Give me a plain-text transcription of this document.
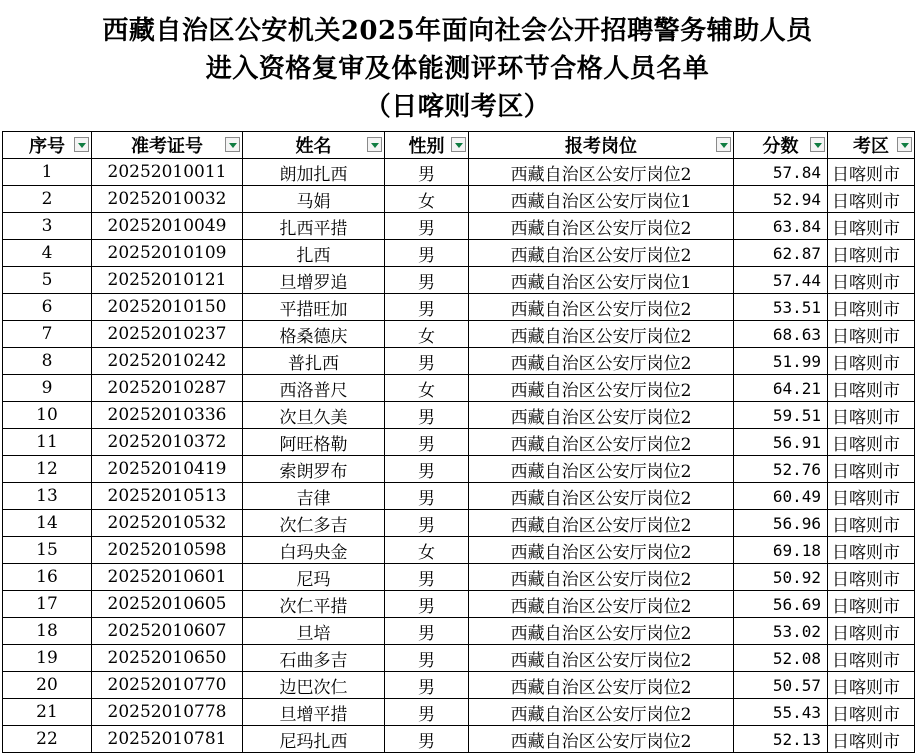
西藏自治区公安机关2025年面向社会公开招聘警务辅助人员
进入资格复审及体能测评环节合格人员名单
（日喀则考区）
序号	准考证号	姓名	性别	报考岗位	分数	考区

1	20252010011	朗加扎西	男	西藏自治区公安厅岗位2	57.84	日喀则市
2	20252010032	马娟	女	西藏自治区公安厅岗位1	52.94	日喀则市
3	20252010049	扎西平措	男	西藏自治区公安厅岗位2	63.84	日喀则市
4	20252010109	扎西	男	西藏自治区公安厅岗位2	62.87	日喀则市
5	20252010121	旦增罗追	男	西藏自治区公安厅岗位1	57.44	日喀则市
6	20252010150	平措旺加	男	西藏自治区公安厅岗位2	53.51	日喀则市
7	20252010237	格桑德庆	女	西藏自治区公安厅岗位2	68.63	日喀则市
8	20252010242	普扎西	男	西藏自治区公安厅岗位2	51.99	日喀则市
9	20252010287	西洛普尺	女	西藏自治区公安厅岗位2	64.21	日喀则市
10	20252010336	次旦久美	男	西藏自治区公安厅岗位2	59.51	日喀则市
11	20252010372	阿旺格勒	男	西藏自治区公安厅岗位2	56.91	日喀则市
12	20252010419	索朗罗布	男	西藏自治区公安厅岗位2	52.76	日喀则市
13	20252010513	吉律	男	西藏自治区公安厅岗位2	60.49	日喀则市
14	20252010532	次仁多吉	男	西藏自治区公安厅岗位2	56.96	日喀则市
15	20252010598	白玛央金	女	西藏自治区公安厅岗位2	69.18	日喀则市
16	20252010601	尼玛	男	西藏自治区公安厅岗位2	50.92	日喀则市
17	20252010605	次仁平措	男	西藏自治区公安厅岗位2	56.69	日喀则市
18	20252010607	旦培	男	西藏自治区公安厅岗位2	53.02	日喀则市
19	20252010650	石曲多吉	男	西藏自治区公安厅岗位2	52.08	日喀则市
20	20252010770	边巴次仁	男	西藏自治区公安厅岗位2	50.57	日喀则市
21	20252010778	旦增平措	男	西藏自治区公安厅岗位2	55.43	日喀则市
22	20252010781	尼玛扎西	男	西藏自治区公安厅岗位2	52.13	日喀则市
